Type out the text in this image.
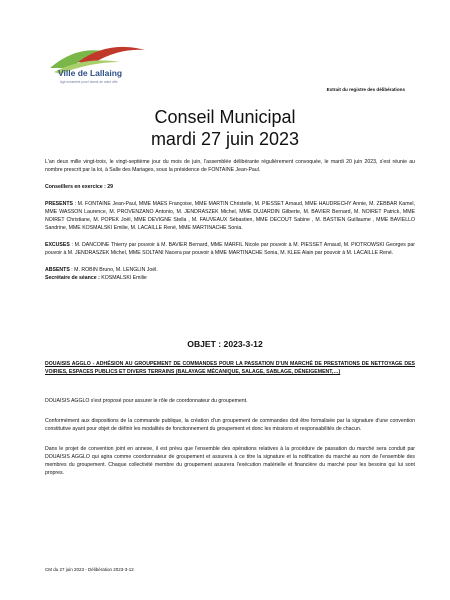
Ville de Lallaing
Agir ensemble pour l'avenir de notre ville
Extrait du registre des délibérations
Conseil Municipal
mardi 27 juin 2023

L'an deux mille vingt-trois, le vingt-septième jour du mois de juin, l'assemblée délibérante régulièrement convoquée, le mardi 20 juin 2023, s'est réunie au nombre prescrit par la loi, à Salle des Mariages, sous la présidence de FONTAINE Jean-Paul.

Conseillers en exercice : 29

PRESENTS : M. FONTAINE Jean-Paul, MME MAES Françoise, MME MARTIN Christelle, M. PIESSET Arnaud, MME HAUDRECHY Annie, M. ZEBBAR Kamel, MME WASSON Laurence, M. PROVENZANO Antonio, M. JENDRASZEK Michel, MME DUJARDIN Gilberte, M. BAVIER Bernard, M. NOIRET Patrick, MME NOIRET Christiane, M. POPEK Joël, MME DEVIGNE Stella , M. FAUVEAUX Sébastien, MME DECOUT Sabine , M. BASTIEN Guillaume , MME BAVIELLO Sandrine, MME KOSMALSKI Emilie, M. LACAILLE René, MME MARTINACHE Sonia.

EXCUSES : M. DANCOINE Thierry par pouvoir à M. BAVIER Bernard, MME MARFIL Nicole par pouvoir à M. PIESSET Arnaud, M. PIOTROWSKI Georges par pouvoir à M. JENDRASZEK Michel, MME SOLTANI Nacera par pouvoir à MME MARTINACHE Sonia, M. KLEE Alain par pouvoir à M. LACAILLE René.

ABSENTS : M. ROBIN Bruno, M. LENGLIN Joël.
Secrétaire de séance : KOSMALSKI Emilie

OBJET : 2023-3-12
DOUAISIS AGGLO - ADHÉSION AU GROUPEMENT DE COMMANDES POUR LA PASSATION D'UN MARCHÉ DE PRESTATIONS DE NETTOYAGE DES VOIRIES, ESPACES PUBLICS ET DIVERS TERRAINS (BALAYAGE MÉCANIQUE, SALAGE, SABLAGE, DÉNEIGEMENT,…)

DOUAISIS AGGLO s'est proposé pour assurer le rôle de coordonnateur du groupement.

Conformément aux dispositions de la commande publique, la création d'un groupement de commandes doit être formalisée par la signature d'une convention constitutive ayant pour objet de définir les modalités de fonctionnement du groupement et donc les missions et responsabilités de chacun.

Dans le projet de convention joint en annexe, il est prévu que l'ensemble des opérations relatives à la procédure de passation du marché sera conduit par DOUAISIS AGGLO qui agira comme coordonnateur de groupement et assurera à ce titre la signature et la notification du marché au nom de l'ensemble des membres du groupement. Chaque collectivité membre du groupement assurera l'exécution matérielle et financière du marché pour les besoins qui lui sont propres.

CM du 27 juin 2023 - Délibération 2023-3-12
